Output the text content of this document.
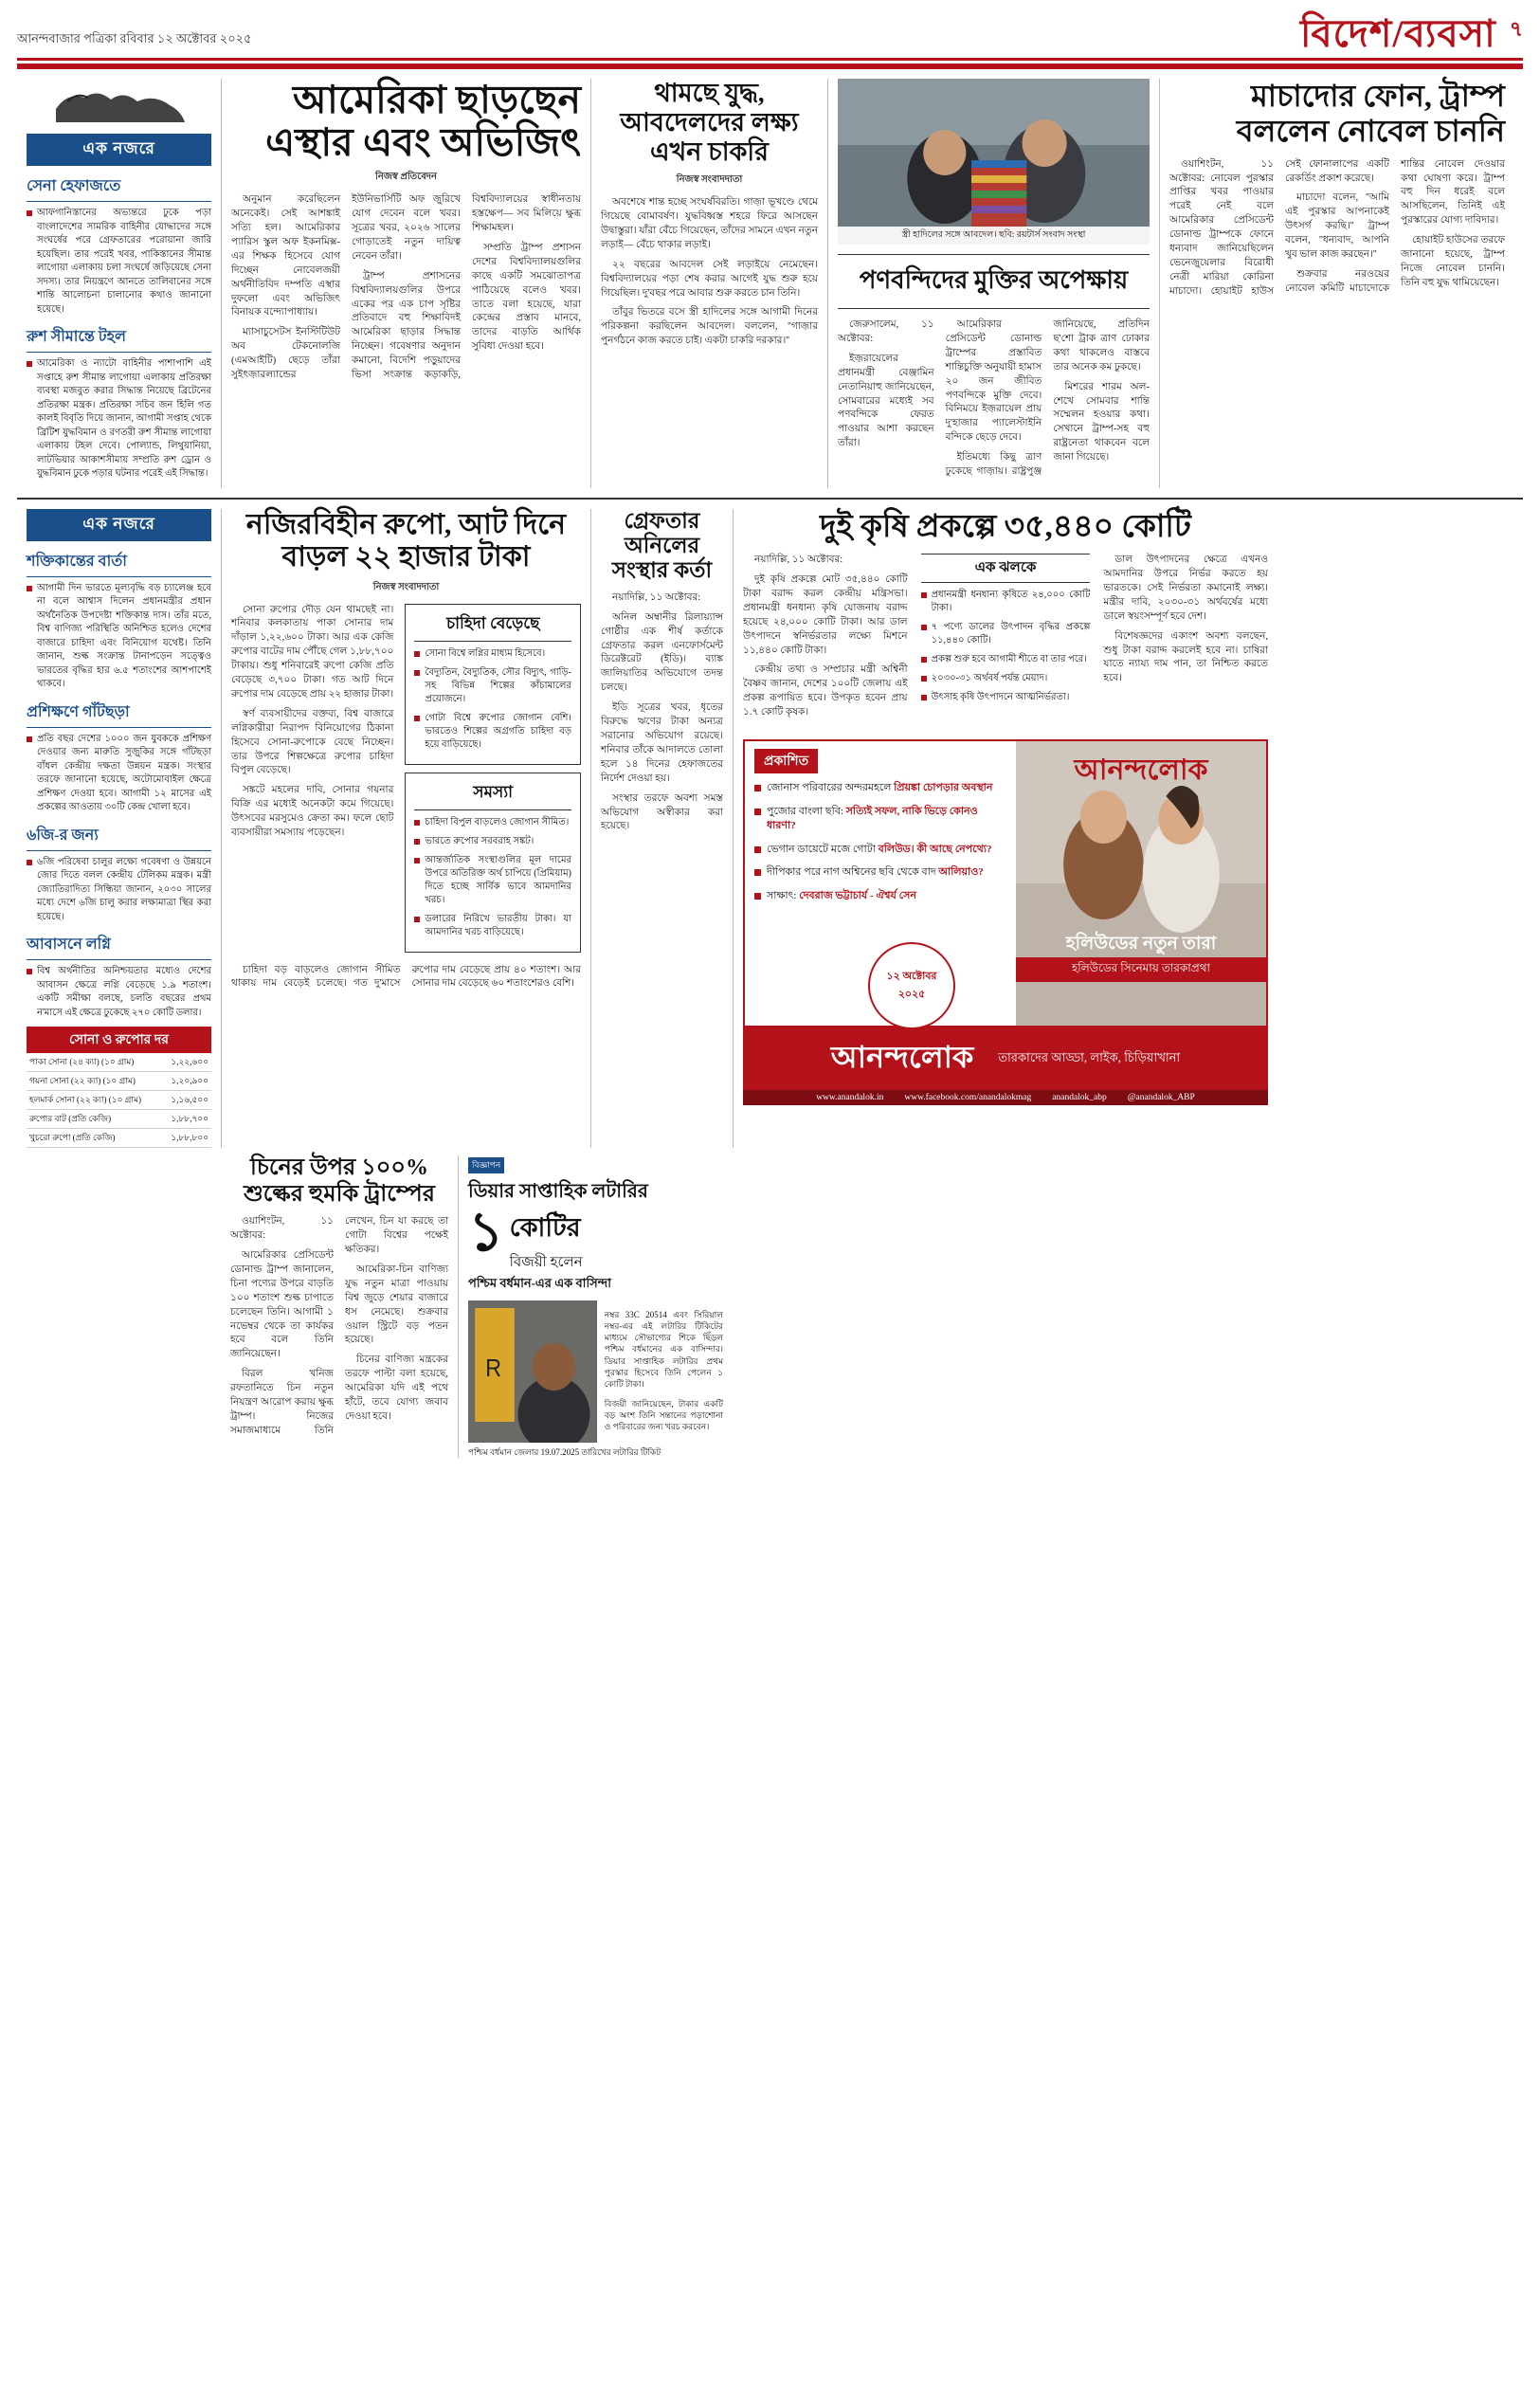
আনন্দবাজার পত্রিকা রবিবার ১২ অক্টোবর ২০২৫	বিদেশ/ব্যবসা ৭
এক নজরে
সেনা হেফাজতে
আফগানিস্তানের অভ্যন্তরে ঢুকে পড়া বাংলাদেশের সামরিক বাহিনীর যোদ্ধাদের সঙ্গে সংঘর্ষের পরে গ্রেফতারের পরোয়ানা জারি হয়েছিল। তার পরেই খবর, পাকিস্তানের সীমান্ত লাগোয়া এলাকায় চলা সংঘর্ষে জড়িয়েছে সেনা সদস্য। তার নিয়ন্ত্রণে আনতে তালিবানের সঙ্গে শান্তি আলোচনা চালানোর কথাও জানানো হয়েছে।
রুশ সীমান্তে টহল
আমেরিকা ও ন্যাটো বাহিনীর পাশাপাশি এই সপ্তাহে রুশ সীমান্ত লাগোয়া এলাকায় প্রতিরক্ষা ব্যবস্থা মজবুত করার সিদ্ধান্ত নিয়েছে ব্রিটেনের প্রতিরক্ষা মন্ত্রক। প্রতিরক্ষা সচিব জন হিলি গত কালই বিবৃতি দিয়ে জানান, আগামী সপ্তাহ থেকে ব্রিটিশ যুদ্ধবিমান ও রণতরী রুশ সীমান্ত লাগোয়া এলাকায় টহল দেবে। পোল্যান্ড, লিথুয়ানিয়া, লাটভিয়ার আকাশসীমায় সম্প্রতি রুশ ড্রোন ও যুদ্ধবিমান ঢুকে পড়ার ঘটনার পরেই এই সিদ্ধান্ত।
আমেরিকা ছাড়ছেন এস্থার এবং অভিজিৎ
নিজস্ব প্রতিবেদন

অনুমান করেছিলেন অনেকেই। সেই আশঙ্কাই সত্যি হল। আমেরিকার প্যারিস স্কুল অফ ইকনমিক্স-এর শিক্ষক হিসেবে যোগ দিচ্ছেন নোবেলজয়ী অর্থনীতিবিদ দম্পতি এস্থার দুফলো এবং অভিজিৎ বিনায়ক বন্দ্যোপাধ্যায়।

ম্যাসাচুসেটস ইনস্টিটিউট অব টেকনোলজি (এমআইটি) ছেড়ে তাঁরা সুইৎজ়ারল্যান্ডের ইউনিভার্সিটি অফ জ়ুরিখে যোগ দেবেন বলে খবর। সূত্রের খবর, ২০২৬ সালের গোড়াতেই নতুন দায়িত্ব নেবেন তাঁরা।

ট্রাম্প প্রশাসনের বিশ্ববিদ্যালয়গুলির উপরে একের পর এক চাপ সৃষ্টির প্রতিবাদে বহু শিক্ষাবিদই আমেরিকা ছাড়ার সিদ্ধান্ত নিচ্ছেন। গবেষণার অনুদান কমানো, বিদেশি পড়ুয়াদের ভিসা সংক্রান্ত কড়াকড়ি, বিশ্ববিদ্যালয়ের স্বাধীনতায় হস্তক্ষেপ— সব মিলিয়ে ক্ষুব্ধ শিক্ষামহল।

সম্প্রতি ট্রাম্প প্রশাসন দেশের বিশ্ববিদ্যালয়গুলির কাছে একটি সমঝোতাপত্র পাঠিয়েছে বলেও খবর। তাতে বলা হয়েছে, যারা কেন্দ্রের প্রস্তাব মানবে, তাদের বাড়তি আর্থিক সুবিধা দেওয়া হবে।

থামছে যুদ্ধ, আবদেলদের লক্ষ্য এখন চাকরি
নিজস্ব সংবাদদাতা

অবশেষে শান্ত হচ্ছে সংঘর্ষবিরতি। গাজ়া ভূখণ্ডে থেমে গিয়েছে বোমাবর্ষণ। যুদ্ধবিধ্বস্ত শহরে ফিরে আসছেন উদ্বাস্তুরা। যাঁরা বেঁচে গিয়েছেন, তাঁদের সামনে এখন নতুন লড়াই— বেঁচে থাকার লড়াই।

২২ বছরের আবদেল সেই লড়াইয়ে নেমেছেন। বিশ্ববিদ্যালয়ের পড়া শেষ করার আগেই যুদ্ধ শুরু হয়ে গিয়েছিল। দু'বছর পরে আবার শুরু করতে চান তিনি।

তাঁবুর ভিতরে বসে স্ত্রী হাদিলের সঙ্গে আগামী দিনের পরিকল্পনা করছিলেন আবদেল। বললেন, ''গাজ়ার পুনর্গঠনে কাজ করতে চাই। একটা চাকরি দরকার।''

স্ত্রী হাদিলের সঙ্গে আবদেল। ছবি: রয়টার্স সংবাদ সংস্থা
পণবন্দিদের মুক্তির অপেক্ষায়

জেরুসালেম, ১১ অক্টোবর:

ইজ়রায়েলের প্রধানমন্ত্রী বেঞ্জামিন নেতানিয়াহু জানিয়েছেন, সোমবারের মধ্যেই সব পণবন্দিকে ফেরত পাওয়ার আশা করছেন তাঁরা।

আমেরিকার প্রেসিডেন্ট ডোনাল্ড ট্রাম্পের প্রস্তাবিত শান্তিচুক্তি অনুযায়ী হামাস ২০ জন জীবিত পণবন্দিকে মুক্তি দেবে। বিনিময়ে ইজ়রায়েল প্রায় দু'হাজার প্যালেস্টাইনি বন্দিকে ছেড়ে দেবে।

ইতিমধ্যে কিছু ত্রাণ ঢুকেছে গাজ়ায়। রাষ্ট্রপুঞ্জ জানিয়েছে, প্রতিদিন ছ'শো ট্রাক ত্রাণ ঢোকার কথা থাকলেও বাস্তবে তার অনেক কম ঢুকছে।

মিশরের শারম অল-শেখে সোমবার শান্তি সম্মেলন হওয়ার কথা। সেখানে ট্রাম্প-সহ বহু রাষ্ট্রনেতা থাকবেন বলে জানা গিয়েছে।

মাচাদোর ফোন, ট্রাম্প বললেন নোবেল চাননি

ওয়াশিংটন, ১১ অক্টোবর: নোবেল পুরস্কার প্রাপ্তির খবর পাওয়ার পরেই নেই বলে আমেরিকার প্রেসিডেন্ট ডোনাল্ড ট্রাম্পকে ফোনে ধন্যবাদ জানিয়েছিলেন ভেনেজ়ুয়েলার বিরোধী নেত্রী মারিয়া কোরিনা মাচাদো। হোয়াইট হাউস সেই ফোনালাপের একটি রেকর্ডিং প্রকাশ করেছে।

মাচাদো বলেন, ''আমি এই পুরস্কার আপনাকেই উৎসর্গ করছি।'' ট্রাম্প বলেন, ''ধন্যবাদ, আপনি খুব ভাল কাজ করছেন।''

শুক্রবার নরওয়ের নোবেল কমিটি মাচাদোকে শান্তির নোবেল দেওয়ার কথা ঘোষণা করে। ট্রাম্প বহু দিন ধরেই বলে আসছিলেন, তিনিই এই পুরস্কারের যোগ্য দাবিদার।

হোয়াইট হাউসের তরফে জানানো হয়েছে, ট্রাম্প নিজে নোবেল চাননি। তিনি বহু যুদ্ধ থামিয়েছেন।

এক নজরে
শক্তিকান্তের বার্তা
আগামী দিন ভারতে মূল্যবৃদ্ধি বড় চ্যালেঞ্জ হবে না বলে আশ্বাস দিলেন প্রধানমন্ত্রীর প্রধান অর্থনৈতিক উপদেষ্টা শক্তিকান্ত দাস। তাঁর মতে, বিশ্ব বাণিজ্য পরিস্থিতি অনিশ্চিত হলেও দেশের বাজারে চাহিদা এবং বিনিয়োগ যথেষ্ট। তিনি জানান, শুল্ক সংক্রান্ত টানাপড়েন সত্ত্বেও ভারতের বৃদ্ধির হার ৬.৫ শতাংশের আশপাশেই থাকবে।
প্রশিক্ষণে গাঁটছড়া
প্রতি বছর দেশের ১০০০ জন যুবককে প্রশিক্ষণ দেওয়ার জন্য মারুতি সুজ়ুকির সঙ্গে গাঁটছড়া বাঁধল কেন্দ্রীয় দক্ষতা উন্নয়ন মন্ত্রক। সংস্থার তরফে জানানো হয়েছে, অটোমোবাইল ক্ষেত্রে প্রশিক্ষণ দেওয়া হবে। আগামী ১২ মাসের এই প্রকল্পের আওতায় ৩০টি কেন্দ্র খোলা হবে।
৬জি-র জন্য
৬জি পরিষেবা চালুর লক্ষ্যে গবেষণা ও উন্নয়নে জোর দিতে বলল কেন্দ্রীয় টেলিকম মন্ত্রক। মন্ত্রী জ্যোতিরাদিত্য সিন্ধিয়া জানান, ২০৩০ সালের মধ্যে দেশে ৬জি চালু করার লক্ষ্যমাত্রা স্থির করা হয়েছে।
আবাসনে লগ্নি
বিশ্ব অর্থনীতির অনিশ্চয়তার মধ্যেও দেশের আবাসন ক্ষেত্রে লগ্নি বেড়েছে ১.৯ শতাংশ। একটি সমীক্ষা বলছে, চলতি বছরের প্রথম ন'মাসে এই ক্ষেত্রে ঢুকেছে ২৭০ কোটি ডলার।
সোনা ও রুপোর দর
পাকা সোনা (২৪ ক্যা) (১০ গ্রাম)	১,২২,৬০০
গয়না সোনা (২২ ক্যা) (১০ গ্রাম)	১,২০,৯০০
হলমার্ক সোনা (২২ ক্যা) (১০ গ্রাম)	১,১৬,৫০০
রুপোর বাট (প্রতি কেজি)	১,৮৮,৭০০
খুচরো রুপো (প্রতি কেজি)	১,৮৮,৮০০
নজিরবিহীন রুপো, আট দিনে বাড়ল ২২ হাজার টাকা
নিজস্ব সংবাদদাতা

সোনা রুপোর দৌড় যেন থামছেই না। শনিবার কলকাতায় পাকা সোনার দাম দাঁড়াল ১,২২,৬০০ টাকা। আর এক কেজি রুপোর বাটের দাম পৌঁছে গেল ১,৮৮,৭০০ টাকায়। শুধু শনিবারেই রুপো কেজি প্রতি বেড়েছে ৩,৭০০ টাকা। গত আট দিনে রুপোর দাম বেড়েছে প্রায় ২২ হাজার টাকা।

স্বর্ণ ব্যবসায়ীদের বক্তব্য, বিশ্ব বাজারে লগ্নিকারীরা নিরাপদ বিনিয়োগের ঠিকানা হিসেবে সোনা-রুপোকে বেছে নিচ্ছেন। তার উপরে শিল্পক্ষেত্রে রুপোর চাহিদা বিপুল বেড়েছে।

সঙ্কটে মহলের দাবি, সোনার গয়নার বিক্রি এর মধ্যেই অনেকটা কমে গিয়েছে। উৎসবের মরসুমেও ক্রেতা কম। ফলে ছোট ব্যবসায়ীরা সমস্যায় পড়েছেন।

চাহিদা বেড়েছে
সোনা বিশ্বে লগ্নির মাধ্যম হিসেবে।
বৈদ্যুতিন, বৈদ্যুতিক, সৌর বিদ্যুৎ, গাড়ি-সহ বিভিন্ন শিল্পের কাঁচামালের প্রয়োজনে।
গোটা বিশ্বে রুপোর জোগান বেশি। ভারতেও শিল্পের অগ্রগতি চাহিদা বড় হয়ে বাড়িয়েছে।
সমস্যা
চাহিদা বিপুল বাড়লেও জোগান সীমিত।
ভারতে রুপোর সরবরাহ সঙ্কট।
আন্তর্জাতিক সংস্থাগুলির মূল দামের উপরে অতিরিক্ত অর্থ চাপিয়ে (প্রিমিয়াম) দিতে হচ্ছে সার্বিক ভাবে আমদানির খরচ।
ডলারের নিরিখে ভারতীয় টাকা। যা আমদানির খরচ বাড়িয়েছে।

চাহিদা বড় বাড়লেও জোগান সীমিত থাকায় দাম বেড়েই চলেছে। গত দু'মাসে রুপোর দাম বেড়েছে প্রায় ৪০ শতাংশ। আর সোনার দাম বেড়েছে ৬০ শতাংশেরও বেশি।

গ্রেফতার অনিলের সংস্থার কর্তা

নয়াদিল্লি, ১১ অক্টোবর:

অনিল অম্বানীর রিলায়্যান্স গোষ্ঠীর এক শীর্ষ কর্তাকে গ্রেফতার করল এনফোর্সমেন্ট ডিরেক্টরেট (ইডি)। ব্যাঙ্ক জালিয়াতির অভিযোগে তদন্ত চলছে।

ইডি সূত্রের খবর, ধৃতের বিরুদ্ধে ঋণের টাকা অন্যত্র সরানোর অভিযোগ রয়েছে। শনিবার তাঁকে আদালতে তোলা হলে ১৪ দিনের হেফাজতের নির্দেশ দেওয়া হয়।

সংস্থার তরফে অবশ্য সমস্ত অভিযোগ অস্বীকার করা হয়েছে।

দুই কৃষি প্রকল্পে ৩৫,৪৪০ কোটি

নয়াদিল্লি, ১১ অক্টোবর:

দুই কৃষি প্রকল্পে মোট ৩৫,৪৪০ কোটি টাকা বরাদ্দ করল কেন্দ্রীয় মন্ত্রিসভা। প্রধানমন্ত্রী ধনধান্য কৃষি যোজনায় বরাদ্দ হয়েছে ২৪,০০০ কোটি টাকা। আর ডাল উৎপাদনে স্বনির্ভরতার লক্ষ্যে মিশনে ১১,৪৪০ কোটি টাকা।

কেন্দ্রীয় তথ্য ও সম্প্রচার মন্ত্রী অশ্বিনী বৈষ্ণব জানান, দেশের ১০০টি জেলায় এই প্রকল্প রূপায়িত হবে। উপকৃত হবেন প্রায় ১.৭ কোটি কৃষক।

এক ঝলকে
প্রধানমন্ত্রী ধনধান্য কৃষিতে ২৪,০০০ কোটি টাকা।
৭ পণ্যে ডালের উৎপাদন বৃদ্ধির প্রকল্পে ১১,৪৪০ কোটি।
প্রকল্প শুরু হবে আগামী শীতে বা তার পরে।
২০৩০-৩১ অর্থবর্ষ পর্যন্ত মেয়াদ।
উৎসাহ কৃষি উৎপাদনে আত্মনির্ভরতা।

ডাল উৎপাদনের ক্ষেত্রে এখনও আমদানির উপরে নির্ভর করতে হয় ভারতকে। সেই নির্ভরতা কমানোই লক্ষ্য। মন্ত্রীর দাবি, ২০৩০-৩১ অর্থবর্ষের মধ্যে ডালে স্বয়ংসম্পূর্ণ হবে দেশ।

বিশেষজ্ঞদের একাংশ অবশ্য বলছেন, শুধু টাকা বরাদ্দ করলেই হবে না। চাষিরা যাতে ন্যায্য দাম পান, তা নিশ্চিত করতে হবে।

প্রকাশিত
জোনাস পরিবারের অন্দরমহলে প্রিয়ঙ্কা চোপড়ার অবস্থান
পুজোর বাংলা ছবি: সত্যিই সফল, নাকি ভিড়ে কোনও ধারণা?
ভেগান ডায়েটে মজে গোটা বলিউড। কী আছে নেপথ্যে?
দীপিকার পরে নাগ অশ্বিনের ছবি থেকে বাদ আলিয়াও?
সাক্ষাৎ: দেবরাজ ভট্টাচার্য - ঐশ্বর্য সেন
আনন্দলোক
হলিউডের নতুন তারা
হলিউডের সিনেমায় তারকাপ্রথা
১২ অক্টোবর
২০২৫
আনন্দলোক তারকাদের আড্ডা, লাইক, চিড়িয়াখানা
www.anandalok.in www.facebook.com/anandalokmag anandalok_abp @anandalok_ABP
চিনের উপর ১০০% শুল্কের হুমকি ট্রাম্পের

ওয়াশিংটন, ১১ অক্টোবর:

আমেরিকার প্রেসিডেন্ট ডোনাল্ড ট্রাম্প জানালেন, চিনা পণ্যের উপরে বাড়তি ১০০ শতাংশ শুল্ক চাপাতে চলেছেন তিনি। আগামী ১ নভেম্বর থেকে তা কার্যকর হবে বলে তিনি জানিয়েছেন।

বিরল খনিজ রফতানিতে চিন নতুন নিয়ন্ত্রণ আরোপ করায় ক্ষুব্ধ ট্রাম্প। নিজের সমাজমাধ্যমে তিনি লেখেন, চিন যা করছে তা গোটা বিশ্বের পক্ষেই ক্ষতিকর।

আমেরিকা-চিন বাণিজ্য যুদ্ধ নতুন মাত্রা পাওয়ায় বিশ্ব জুড়ে শেয়ার বাজারে ধস নেমেছে। শুক্রবার ওয়াল স্ট্রিটে বড় পতন হয়েছে।

চিনের বাণিজ্য মন্ত্রকের তরফে পাল্টা বলা হয়েছে, আমেরিকা যদি এই পথে হাঁটে, তবে যোগ্য জবাব দেওয়া হবে।

বিজ্ঞাপন
ডিয়ার সাপ্তাহিক লটারির
১ কোটির
বিজয়ী হলেন
পশ্চিম বর্ধমান-এর এক বাসিন্দা
R

নম্বর 33C 20514 এবং সিরিয়াল নম্বর-এর এই লটারির টিকিটের মাধ্যমে সৌভাগ্যের শিকে ছিঁড়ল পশ্চিম বর্ধমানের এক বাসিন্দার। ডিয়ার সাপ্তাহিক লটারির প্রথম পুরস্কার হিসেবে তিনি পেলেন ১ কোটি টাকা।

বিজয়ী জানিয়েছেন, টাকার একটি বড় অংশ তিনি সন্তানের পড়াশোনা ও পরিবারের জন্য খরচ করবেন।

পশ্চিম বর্ধমান জেলার 19.07.2025 তারিখের লটারির টিকিট
